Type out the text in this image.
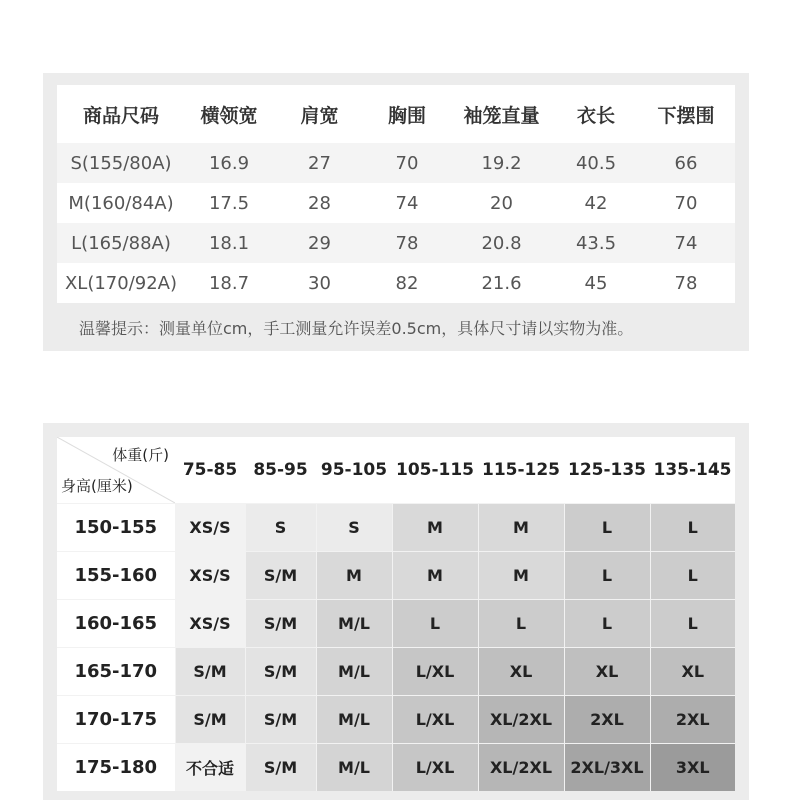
商品尺码	横领宽	肩宽	胸围	袖笼直量	衣长	下摆围
S(155/80A)	16.9	27	70	19.2	40.5	66
M(160/84A)	17.5	28	74	20	42	70
L(165/88A)	18.1	29	78	20.8	43.5	74
XL(170/92A)	18.7	30	82	21.6	45	78
温馨提示：测量单位cm，手工测量允许误差0.5cm，具体尺寸请以实物为准。
体重(斤)
身高(厘米)	75-85	85-95	95-105	105-115	115-125	125-135	135-145
150-155	XS/S	S	S	M	M	L	L
155-160	XS/S	S/M	M	M	M	L	L
160-165	XS/S	S/M	M/L	L	L	L	L
165-170	S/M	S/M	M/L	L/XL	XL	XL	XL
170-175	S/M	S/M	M/L	L/XL	XL/2XL	2XL	2XL
175-180	不合适	S/M	M/L	L/XL	XL/2XL	2XL/3XL	3XL
